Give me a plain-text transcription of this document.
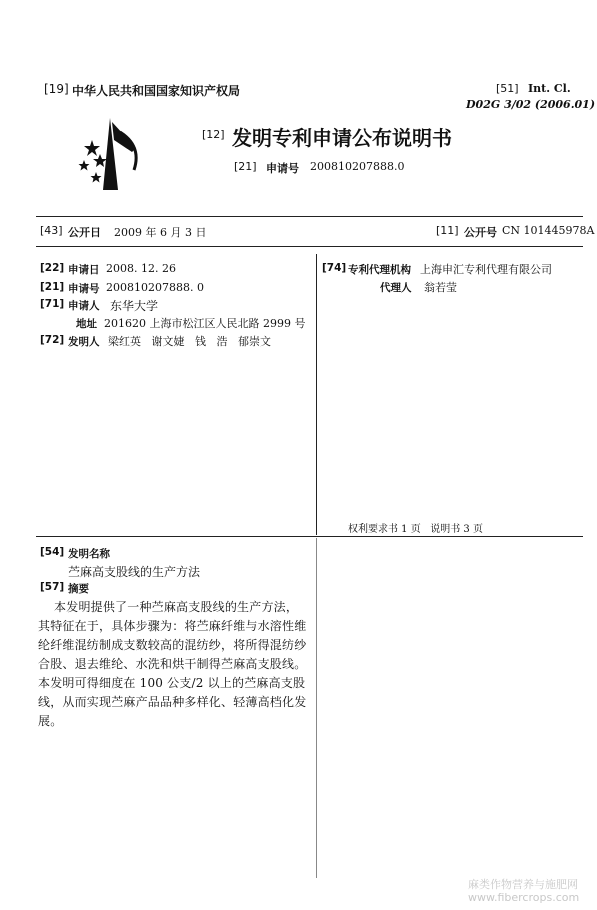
[19] 中华人民共和国国家知识产权局	[51] Int. Cl.
D02G 3/02 (2006.01)
[12] 发明专利申请公布说明书
[21] 申请号 200810207888.0
[43] 公开日 2009 年 6 月 3 日	[11] 公开号 CN 101445978A
[22] 申请日 2008. 12. 26
[21] 申请号 200810207888. 0
[71] 申请人 东华大学
地址 201620 上海市松江区人民北路 2999 号
[72] 发明人 梁红英   谢文婕   钱   浩   郁崇文
[74] 专利代理机构 上海申汇专利代理有限公司
代理人 翁若莹
权利要求书 1 页   说明书 3 页
[54] 发明名称
苎麻高支股线的生产方法
[57] 摘要
本发明提供了一种苎麻高支股线的生产方法，
其特征在于，具体步骤为：将苎麻纤维与水溶性维
纶纤维混纺制成支数较高的混纺纱，将所得混纺纱
合股、退去维纶、水洗和烘干制得苎麻高支股线。
本发明可得细度在 100 公支/2 以上的苎麻高支股
线，从而实现苎麻产品品种多样化、轻薄高档化发
展。
麻类作物营养与施肥网
www.fibercrops.com
